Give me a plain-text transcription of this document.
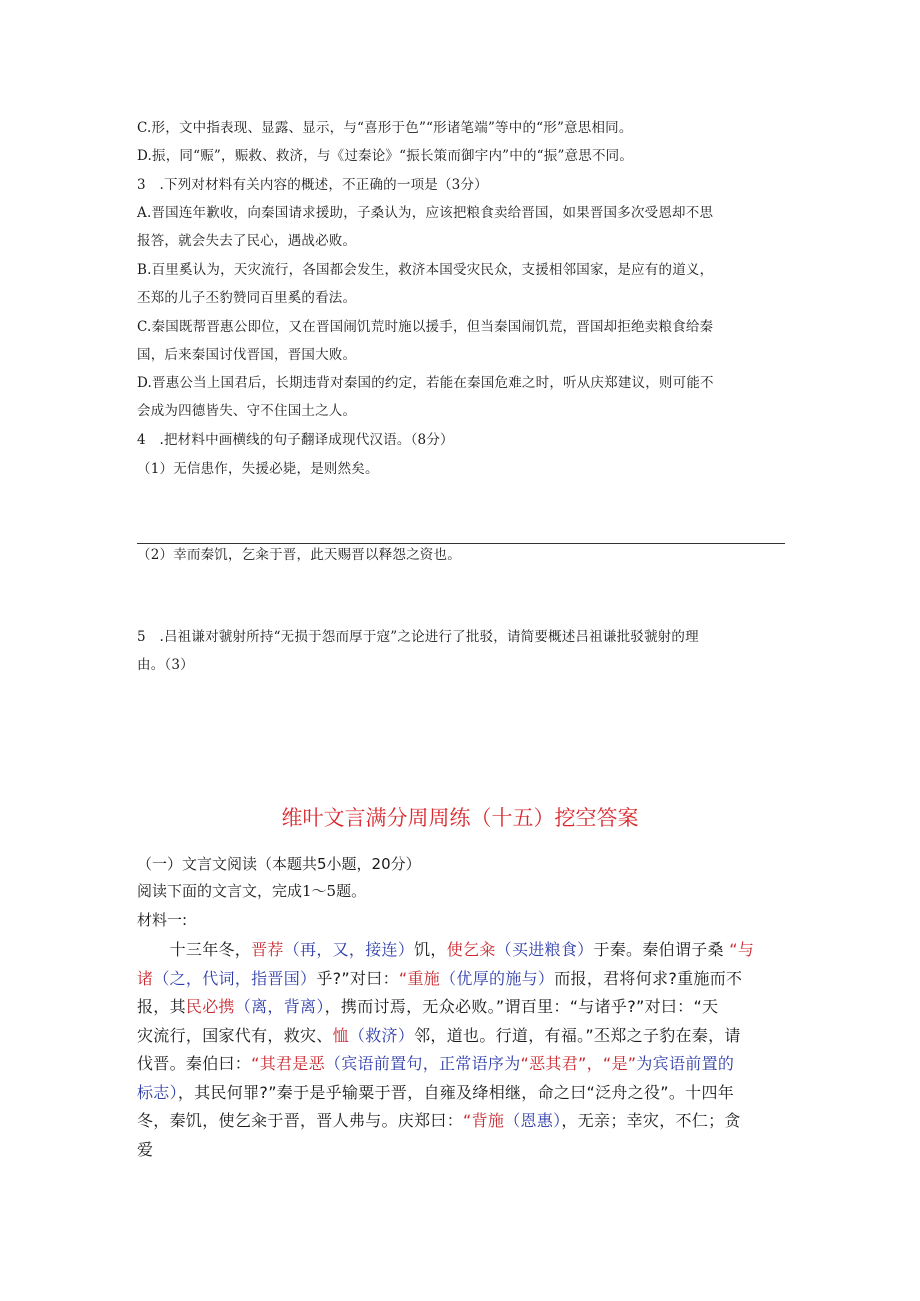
C.形，文中指表现、显露、显示，与“喜形于色”“形诸笔端”等中的“形”意思相同。
D.振，同“赈”，赈救、救济，与《过秦论》“振长策而御宇内”中的“振”意思不同。
3　.下列对材料有关内容的概述，不正确的一项是（3分）
A.晋国连年歉收，向秦国请求援助，子桑认为，应该把粮食卖给晋国，如果晋国多次受恩却不思
报答，就会失去了民心，遇战必败。
B.百里奚认为，天灾流行，各国都会发生，救济本国受灾民众，支援相邻国家，是应有的道义，
丕郑的儿子丕豹赞同百里奚的看法。
C.秦国既帮晋惠公即位，又在晋国闹饥荒时施以援手，但当秦国闹饥荒，晋国却拒绝卖粮食给秦
国，后来秦国讨伐晋国，晋国大败。
D.晋惠公当上国君后，长期违背对秦国的约定，若能在秦国危难之时，听从庆郑建议，则可能不
会成为四德皆失、守不住国土之人。
4　.把材料中画横线的句子翻译成现代汉语。（8分）
（1）无信患作，失援必毙，是则然矣。
（2）幸而秦饥，乞籴于晋，此天赐晋以释怨之资也。
5　.吕祖谦对虢射所持“无损于怨而厚于寇”之论进行了批驳，请简要概述吕祖谦批驳虢射的理
由。（3）
维叶文言满分周周练（十五）挖空答案
（一）文言文阅读（本题共5小题，20分）
阅读下面的文言文，完成1〜5题。
材料一:
　　十三年冬，晋荐（再，又，接连）饥，使乞籴（买进粮食）于秦。秦伯谓子桑 “与
诸（之，代词，指晋国）乎?”对曰：“重施（优厚的施与）而报，君将何求?重施而不
报，其民必携（离，背离），携而讨焉，无众必败。”谓百里：“与诸乎?”对曰：“天
灾流行，国家代有，救灾、恤（救济）邻，道也。行道，有福。”丕郑之子豹在秦，请
伐晋。秦伯曰：“其君是恶（宾语前置句，正常语序为“恶其君”，“是”为宾语前置的
标志），其民何罪?”秦于是乎输粟于晋，自雍及绛相继，命之曰“泛舟之役”。十四年
冬，秦饥，使乞籴于晋，晋人弗与。庆郑曰：“背施（恩惠），无亲；幸灾，不仁；贪
爱
